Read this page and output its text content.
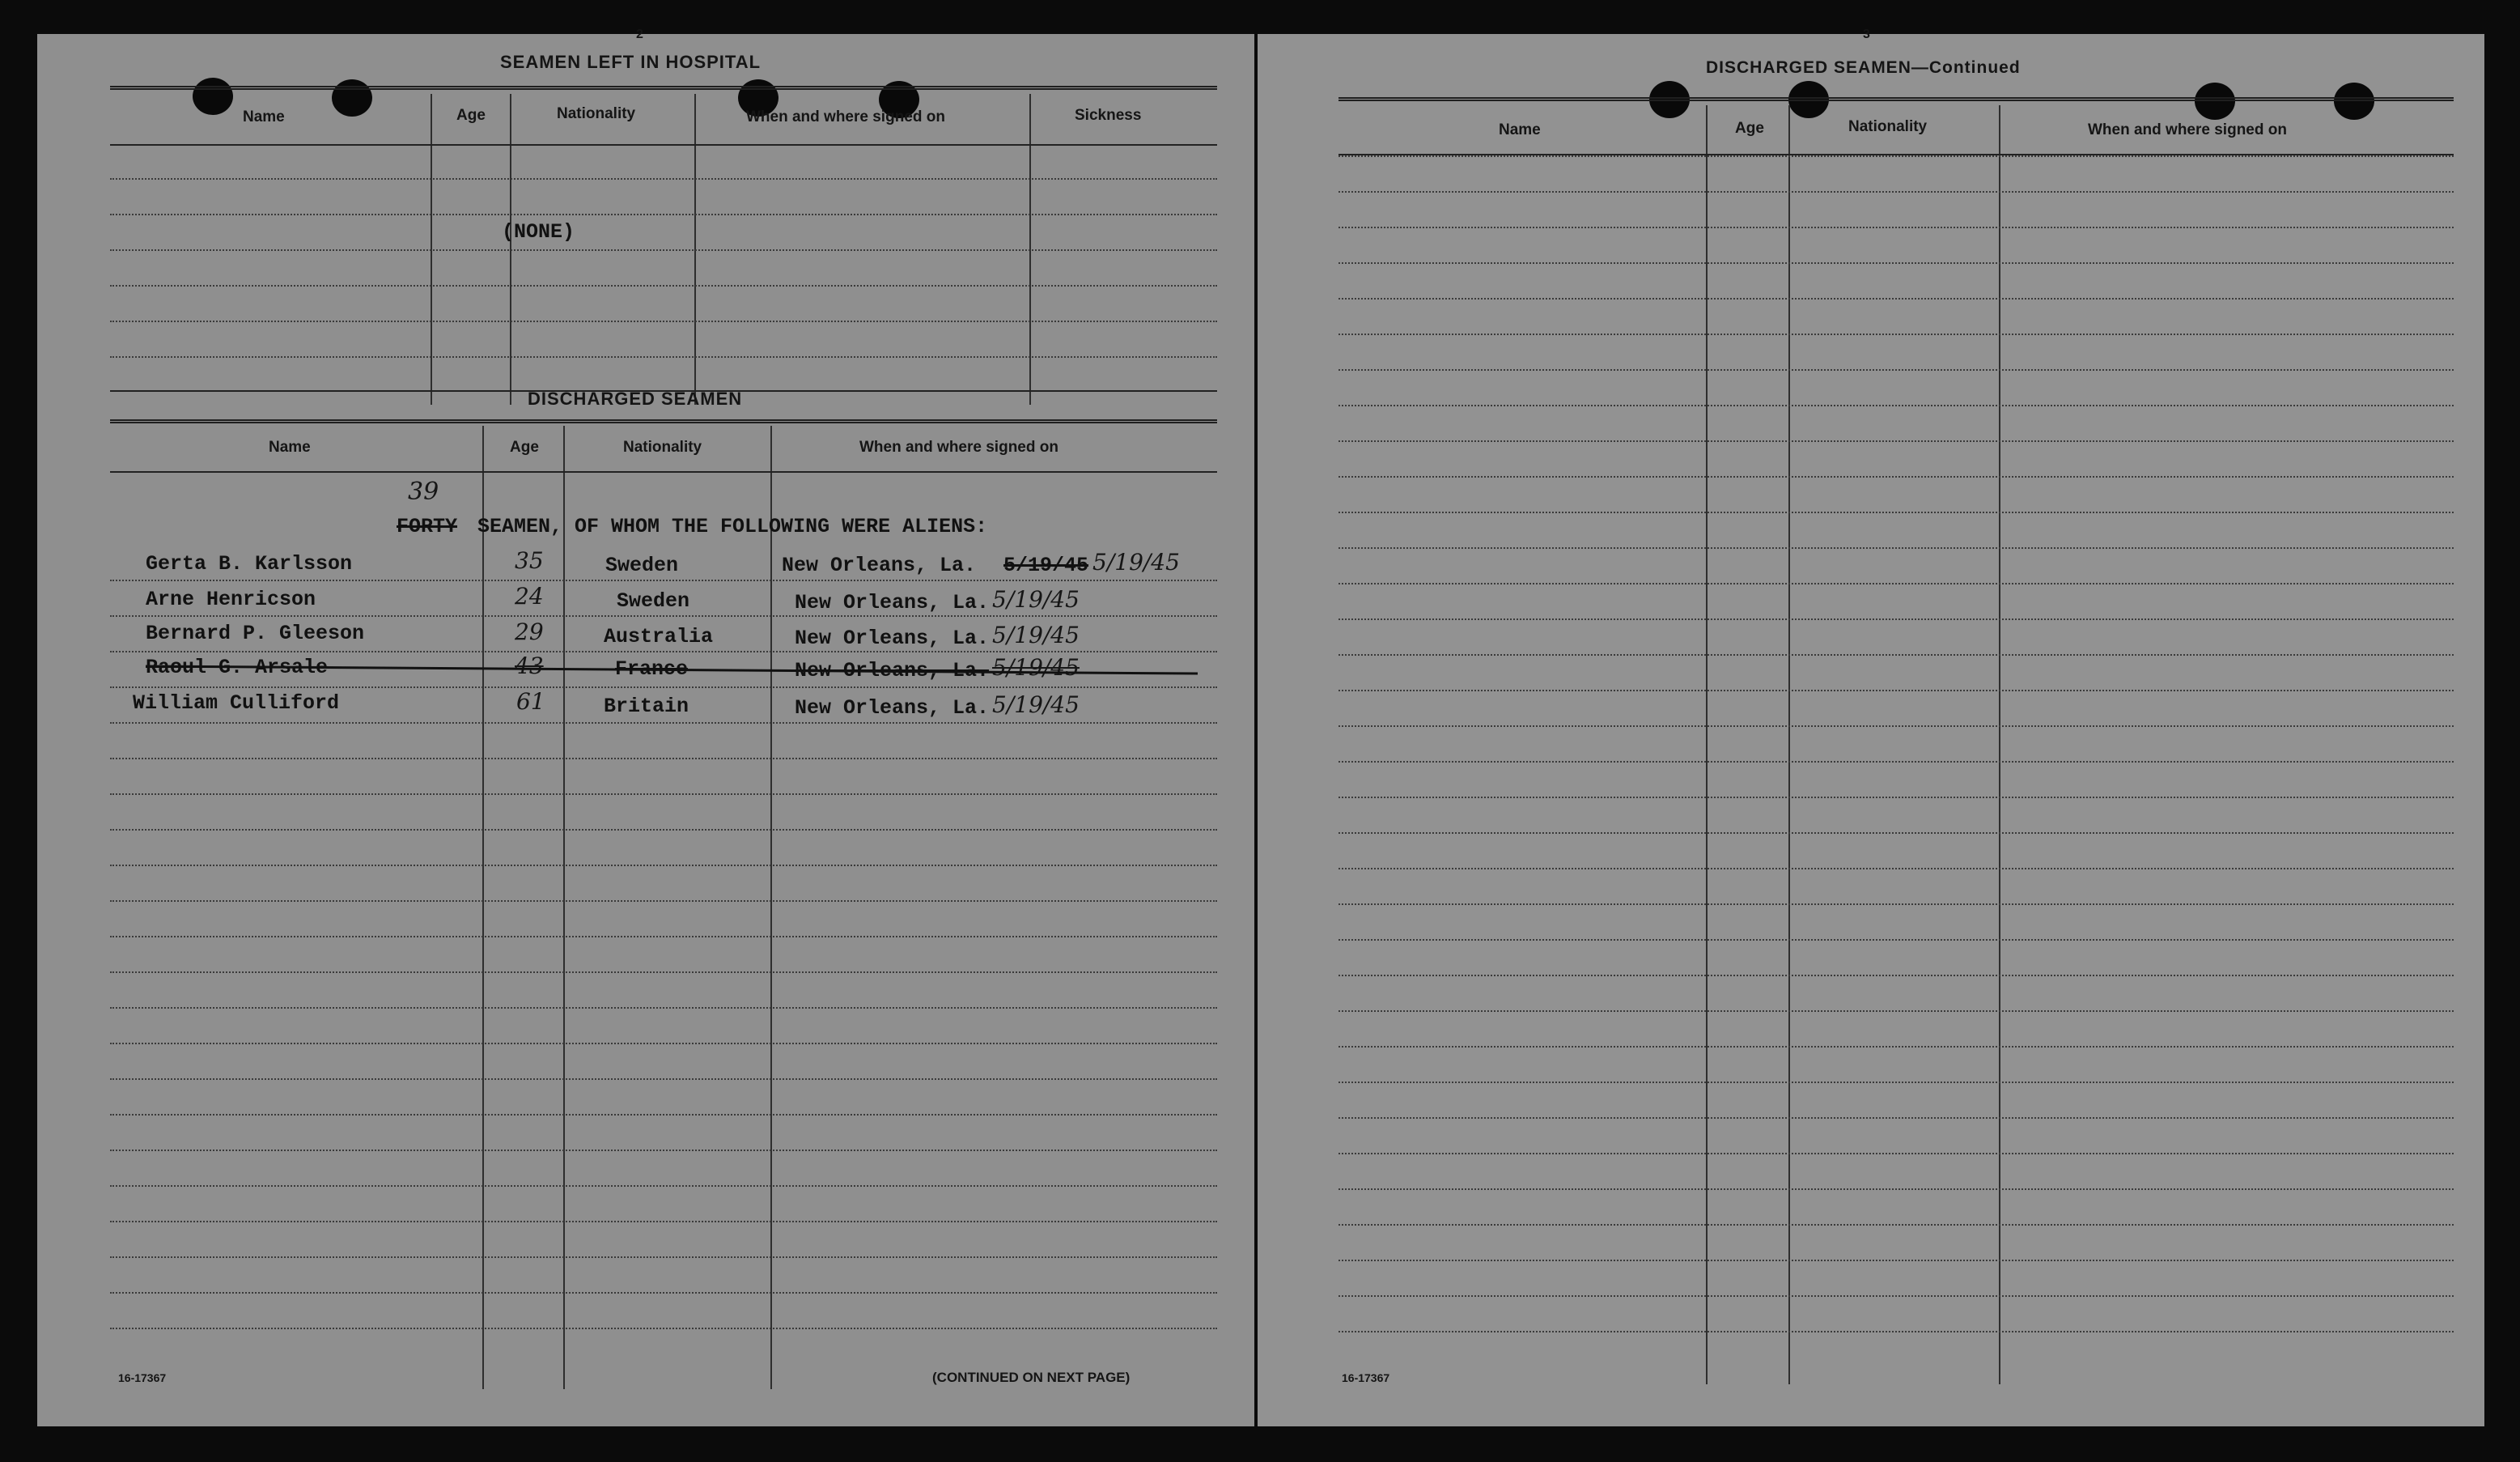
2
SEAMEN LEFT IN HOSPITAL
Name	Age	Nationality	When and where signed on	Sickness
(NONE)
DISCHARGED SEAMEN
Name	Age	Nationality	When and where signed on
39
FORTY SEAMEN, OF WHOM THE FOLLOWING WERE ALIENS:
Gerta B. Karlsson	35	Sweden	New Orleans, La. 5/19/45 5/19/45
Arne Henricson	24	Sweden	New Orleans, La. 5/19/45
Bernard P. Gleeson	29	Australia	New Orleans, La. 5/19/45
Raoul G. Arsale	43	France	New Orleans, La. 5/19/45
William Culliford	61	Britain	New Orleans, La. 5/19/45
16-17367	(CONTINUED ON NEXT PAGE)
3
DISCHARGED SEAMEN—Continued
Name	Age	Nationality	When and where signed on
16-17367
